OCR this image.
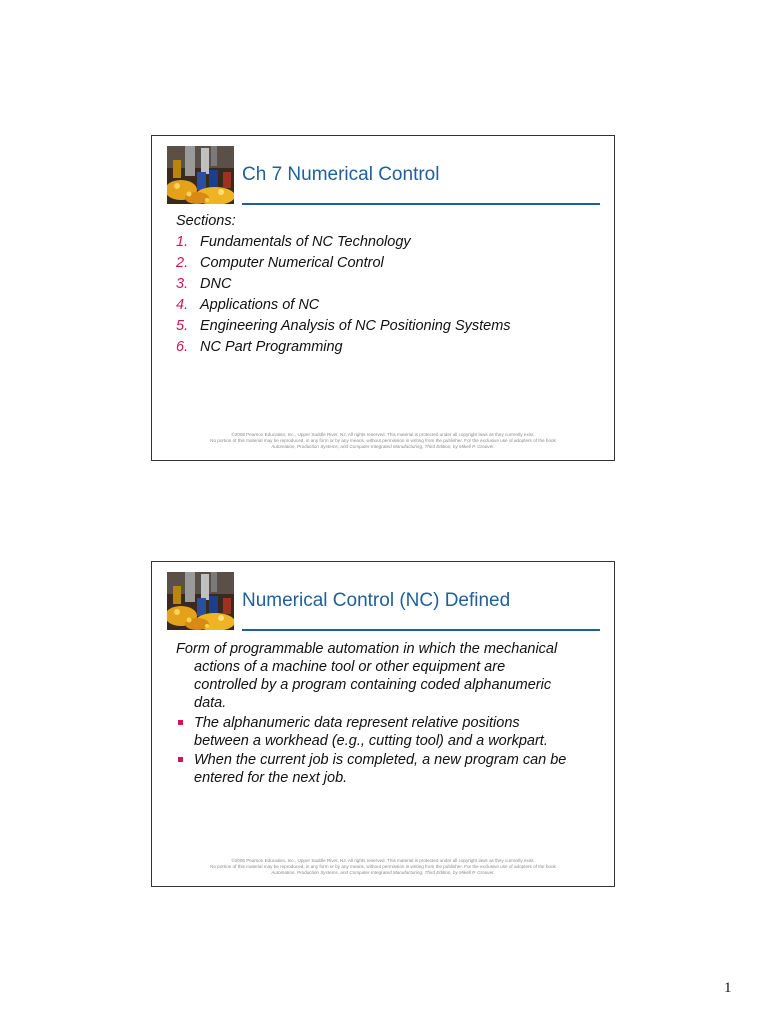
Ch 7 Numerical Control
Sections:
1. Fundamentals of NC Technology
2. Computer Numerical Control
3. DNC
4. Applications of NC
5. Engineering Analysis of NC Positioning Systems
6. NC Part Programming
©2008 Pearson Education, Inc., Upper Saddle River, NJ. All rights reserved. This material is protected under all copyright laws as they currently exist.
No portion of this material may be reproduced, in any form or by any means, without permission in writing from the publisher. For the exclusive use of adopters of the book
Automation, Production Systems, and Computer-Integrated Manufacturing, Third Edition, by Mikell P. Groover.
Numerical Control (NC) Defined

Form of programmable automation in which the mechanical
actions of a machine tool or other equipment are
controlled by a program containing coded alphanumeric
data.

The alphanumeric data represent relative positions
between a workhead (e.g., cutting tool) and a workpart.
When the current job is completed, a new program can be
entered for the next job.
©2008 Pearson Education, Inc., Upper Saddle River, NJ. All rights reserved. This material is protected under all copyright laws as they currently exist.
No portion of this material may be reproduced, in any form or by any means, without permission in writing from the publisher. For the exclusive use of adopters of the book
Automation, Production Systems, and Computer-Integrated Manufacturing, Third Edition, by Mikell P. Groover.
1
